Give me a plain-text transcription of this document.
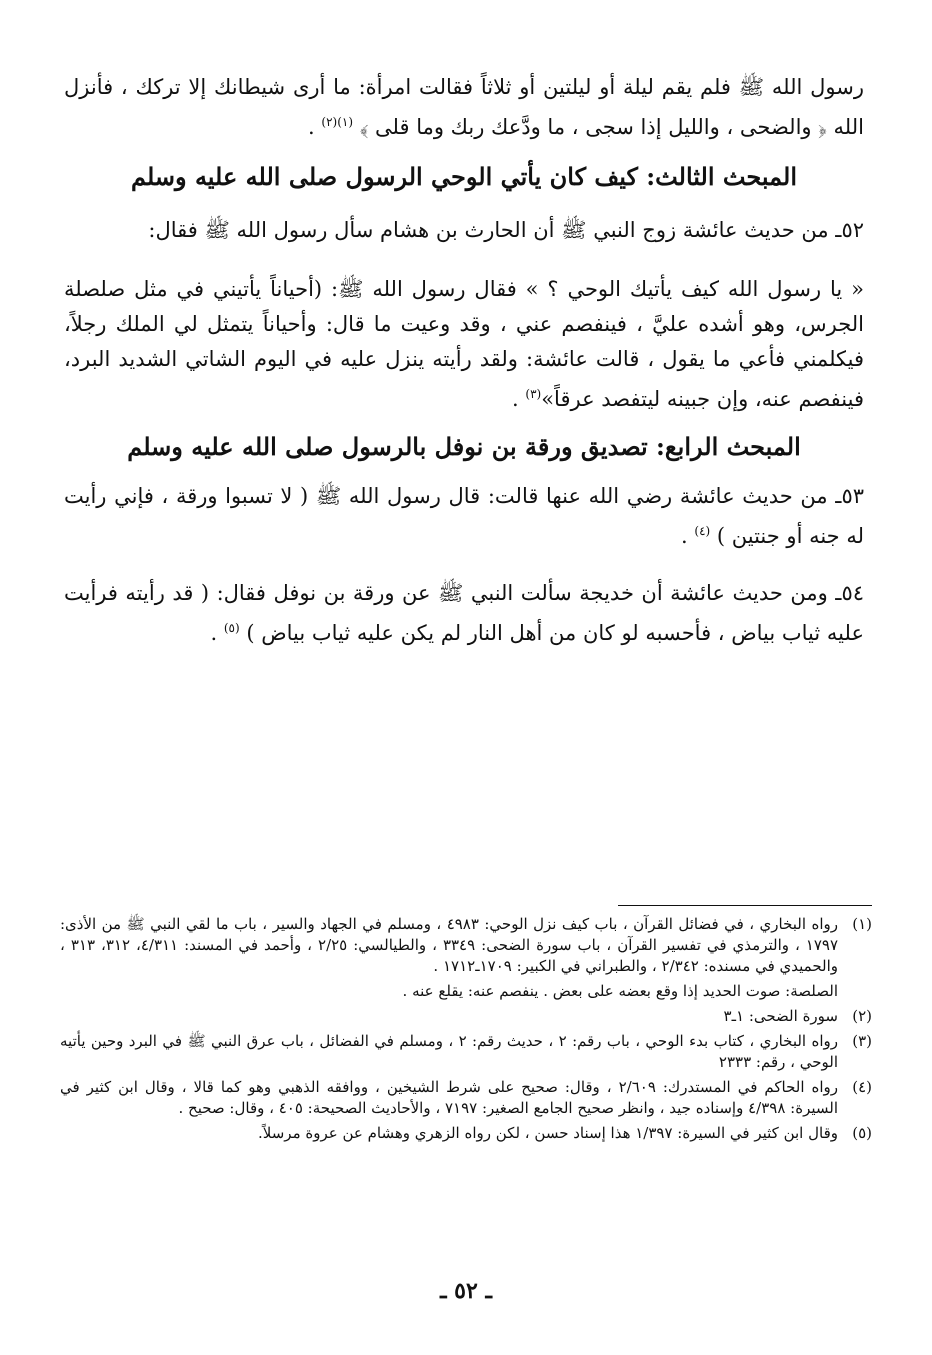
رسول الله ﷺ فلم يقم ليلة أو ليلتين أو ثلاثاً فقالت امرأة: ما أرى شيطانك إلا تركك ، فأنزل الله ﴿ والضحى ، والليل إذا سجى ، ما ودَّعك ربك وما قلى ﴾ $^{(١)(٢)}$ .

المبحث الثالث: كيف كان يأتي الوحي الرسول صلى الله عليه وسلم

٥٢ـ من حديث عائشة زوج النبي ﷺ أن الحارث بن هشام سأل رسول الله ﷺ فقال:

« يا رسول الله كيف يأتيك الوحي ؟ » فقال رسول الله ﷺ: (أحياناً يأتيني في مثل صلصلة الجرس، وهو أشده عليَّ ، فينفصم عني ، وقد وعيت ما قال: وأحياناً يتمثل لي الملك رجلاً، فيكلمني فأعي ما يقول ، قالت عائشة: ولقد رأيته ينزل عليه في اليوم الشاتي الشديد البرد، فينفصم عنه، وإن جبينه ليتفصد عرقاً»$^{(٣)}$ .

المبحث الرابع: تصديق ورقة بن نوفل بالرسول صلى الله عليه وسلم

٥٣ـ من حديث عائشة رضي الله عنها قالت: قال رسول الله ﷺ ( لا تسبوا ورقة ، فإني رأيت له جنه أو جنتين ) $^{(٤)}$ .

٥٤ـ ومن حديث عائشة أن خديجة سألت النبي ﷺ عن ورقة بن نوفل فقال: ( قد رأيته فرأيت عليه ثياب بياض ، فأحسبه لو كان من أهل النار لم يكن عليه ثياب بياض ) $^{(٥)}$ .

(١)
رواه البخاري ، في فضائل القرآن ، باب كيف نزل الوحي: ٤٩٨٣ ، ومسلم في الجهاد والسير ، باب ما لقي النبي ﷺ من الأذى: ١٧٩٧ ، والترمذي في تفسير القرآن ، باب سورة الضحى: ٣٣٤٩ ، والطيالسي: ٢/٢٥ ، وأحمد في المسند: ٤/٣١١، ٣١٢، ٣١٣ ، والحميدي في مسنده: ٢/٣٤٢ ، والطبراني في الكبير: ١٧٠٩ـ١٧١٢ .
الصلصة: صوت الحديد إذا وقع بعضه على بعض . ينفصم عنه: يقلع عنه .
(٢)
سورة الضحى: ١ـ٣
(٣)
رواه البخاري ، كتاب بدء الوحي ، باب رقم: ٢ ، حديث رقم: ٢ ، ومسلم في الفضائل ، باب عرق النبي ﷺ في البرد وحين يأتيه الوحي ، رقم: ٢٣٣٣
(٤)
رواه الحاكم في المستدرك: ٢/٦٠٩ ، وقال: صحيح على شرط الشيخين ، ووافقه الذهبي وهو كما قالا ، وقال ابن كثير في السيرة: ٤/٣٩٨ وإسناده جيد ، وانظر صحيح الجامع الصغير: ٧١٩٧ ، والأحاديث الصحيحة: ٤٠٥ ، وقال: صحيح .
(٥)
وقال ابن كثير في السيرة: ١/٣٩٧ هذا إسناد حسن ، لكن رواه الزهري وهشام عن عروة مرسلاً.
ـ ٥٢ ـ
